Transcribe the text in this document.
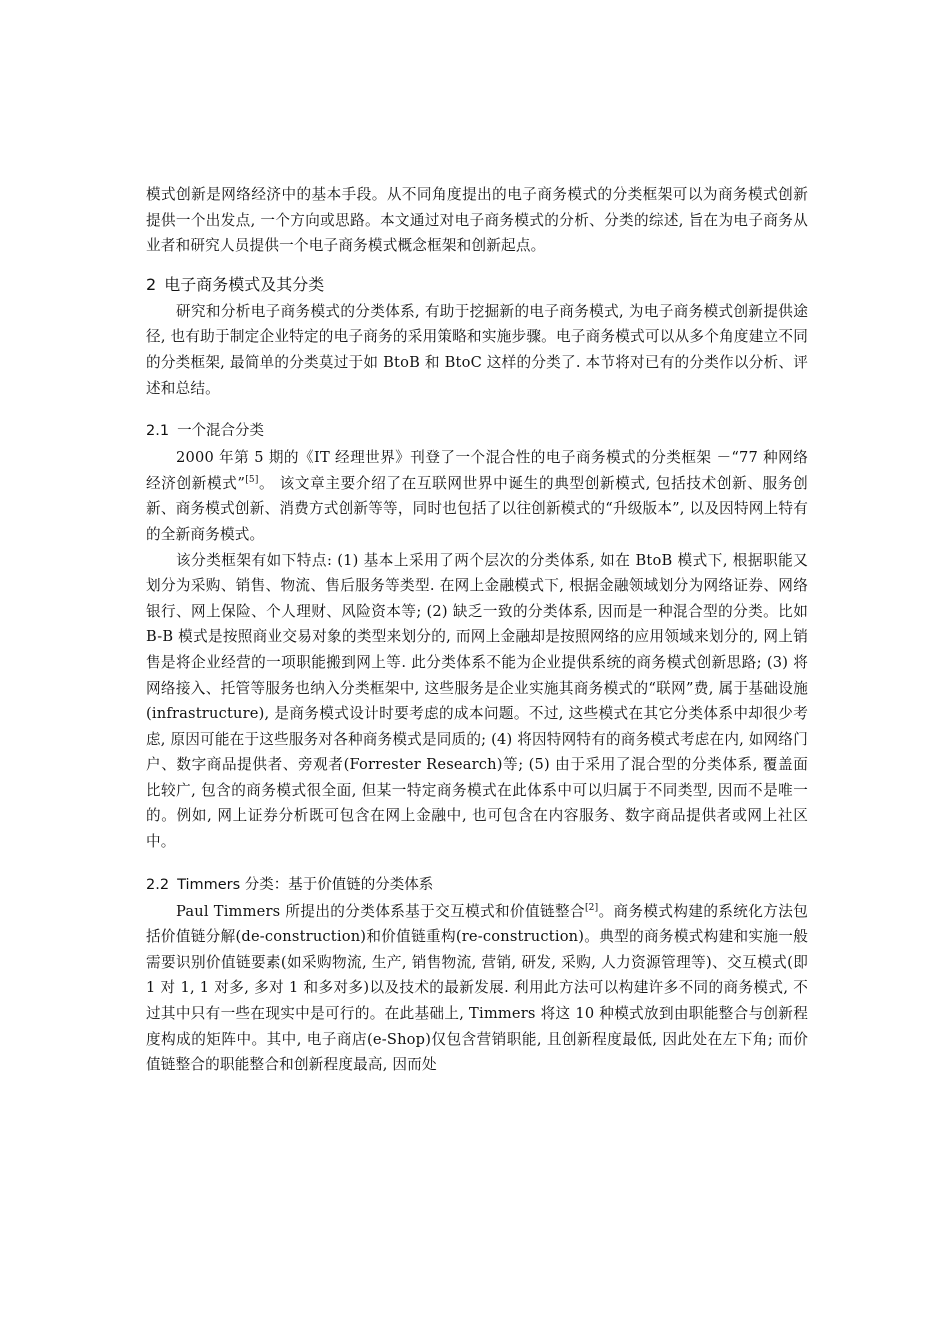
模式创新是网络经济中的基本手段。从不同角度提出的电子商务模式的分类框架可以为商务模式创新提供一个出发点, 一个方向或思路。本文通过对电子商务模式的分析、分类的综述, 旨在为电子商务从业者和研究人员提供一个电子商务模式概念框架和创新起点。

2 电子商务模式及其分类

研究和分析电子商务模式的分类体系, 有助于挖掘新的电子商务模式, 为电子商务模式创新提供途径, 也有助于制定企业特定的电子商务的采用策略和实施步骤。电子商务模式可以从多个角度建立不同的分类框架, 最简单的分类莫过于如 BtoB 和 BtoC 这样的分类了. 本节将对已有的分类作以分析、评述和总结。

2.1 一个混合分类

2000 年第 5 期的《IT 经理世界》刊登了一个混合性的电子商务模式的分类框架 －“77 种网络经济创新模式”[5]。 该文章主要介绍了在互联网世界中诞生的典型创新模式, 包括技术创新、服务创新、商务模式创新、消费方式创新等等，同时也包括了以往创新模式的“升级版本”, 以及因特网上特有的全新商务模式。

该分类框架有如下特点: (1) 基本上采用了两个层次的分类体系, 如在 BtoB 模式下, 根据职能又划分为采购、销售、物流、售后服务等类型. 在网上金融模式下, 根据金融领域划分为网络证券、网络银行、网上保险、个人理财、风险资本等; (2) 缺乏一致的分类体系, 因而是一种混合型的分类。比如 B-B 模式是按照商业交易对象的类型来划分的, 而网上金融却是按照网络的应用领域来划分的, 网上销售是将企业经营的一项职能搬到网上等. 此分类体系不能为企业提供系统的商务模式创新思路; (3) 将网络接入、托管等服务也纳入分类框架中, 这些服务是企业实施其商务模式的“联网”费, 属于基础设施(infrastructure), 是商务模式设计时要考虑的成本问题。不过, 这些模式在其它分类体系中却很少考虑, 原因可能在于这些服务对各种商务模式是同质的; (4) 将因特网特有的商务模式考虑在内, 如网络门户、数字商品提供者、旁观者(Forrester Research)等; (5) 由于采用了混合型的分类体系, 覆盖面比较广, 包含的商务模式很全面, 但某一特定商务模式在此体系中可以归属于不同类型, 因而不是唯一的。例如, 网上证券分析既可包含在网上金融中, 也可包含在内容服务、数字商品提供者或网上社区中。

2.2 Timmers 分类：基于价值链的分类体系

Paul Timmers 所提出的分类体系基于交互模式和价值链整合[2]。商务模式构建的系统化方法包括价值链分解(de-construction)和价值链重构(re-construction)。典型的商务模式构建和实施一般需要识别价值链要素(如采购物流, 生产, 销售物流, 营销, 研发, 采购, 人力资源管理等)、交互模式(即 1 对 1, 1 对多, 多对 1 和多对多)以及技术的最新发展. 利用此方法可以构建许多不同的商务模式, 不过其中只有一些在现实中是可行的。在此基础上, Timmers 将这 10 种模式放到由职能整合与创新程度构成的矩阵中。其中, 电子商店(e-Shop)仅包含营销职能, 且创新程度最低, 因此处在左下角; 而价值链整合的职能整合和创新程度最高, 因而处
